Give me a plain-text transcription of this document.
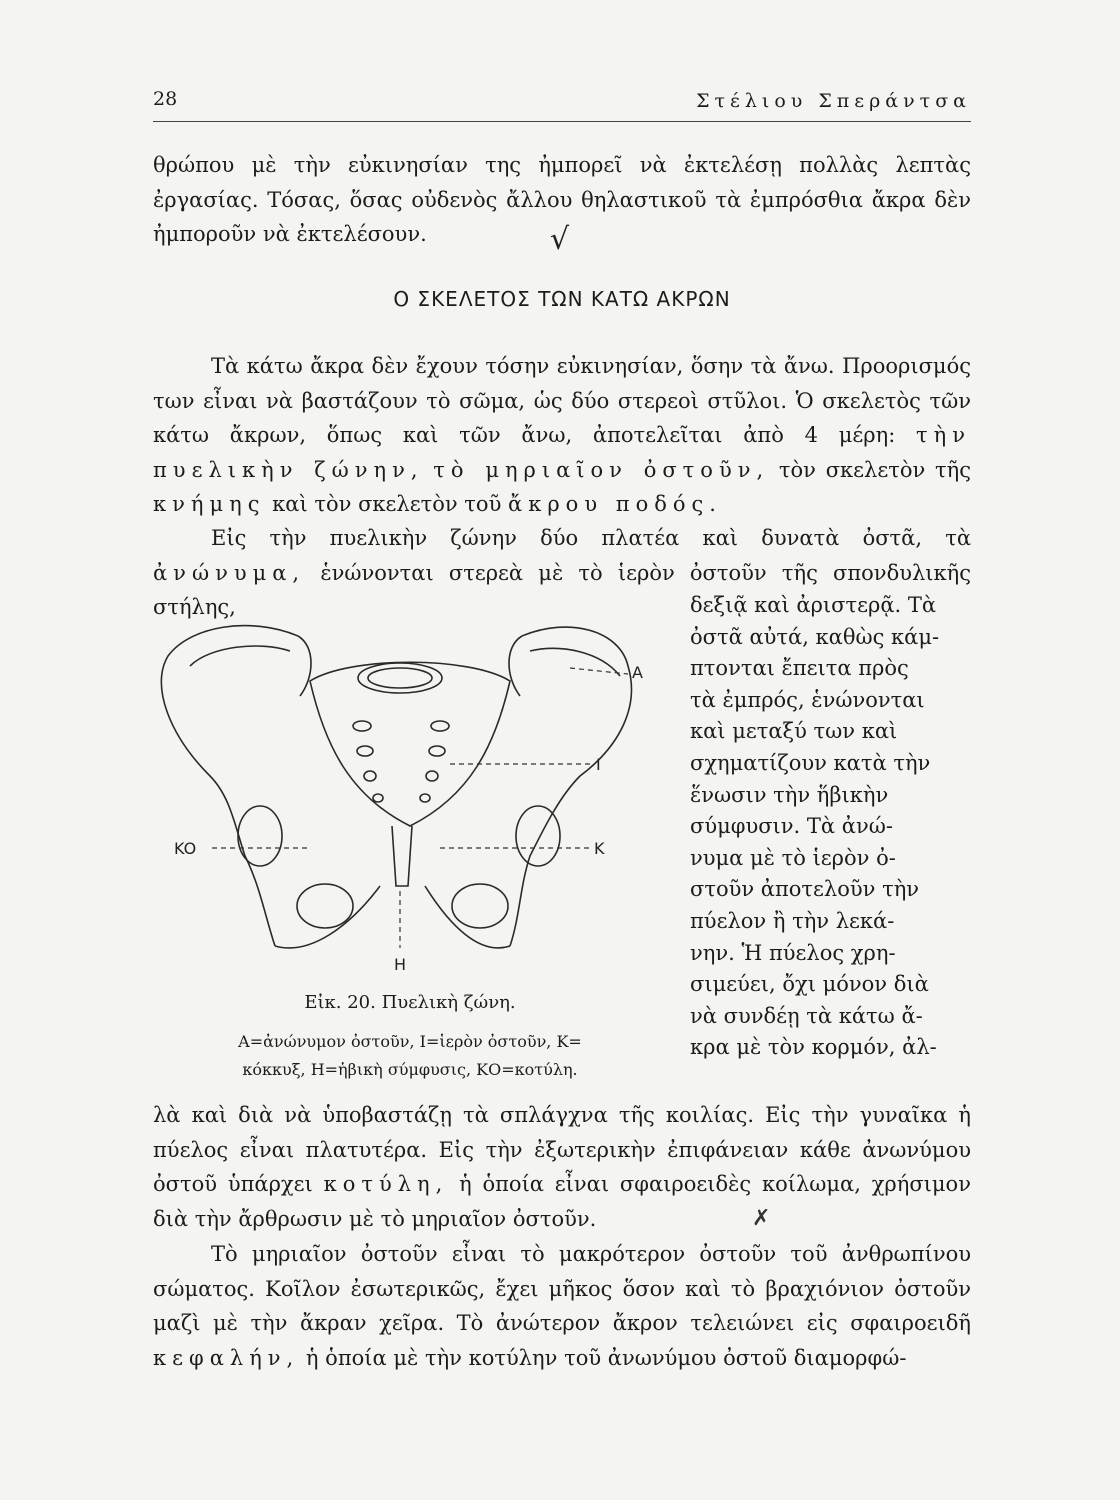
28	Στέλιου Σπεράντσα
θρώπου μὲ τὴν εὐκινησίαν της ἠμπορεῖ νὰ ἐκτελέσῃ πολλὰς λεπτὰς ἐργασίας. Τόσας, ὅσας οὐδενὸς ἄλλου θηλαστικοῦ τὰ ἐμπρόσθια ἄκρα δὲν ἠμποροῦν νὰ ἐκτελέσουν.	√
Ο ΣΚΕΛΕΤΟΣ ΤΩΝ ΚΑΤΩ ΑΚΡΩΝ
Τὰ κάτω ἄκρα δὲν ἔχουν τόσην εὐκινησίαν, ὅσην τὰ ἄνω. Προορισμός των εἶναι νὰ βαστάζουν τὸ σῶμα, ὡς δύο στερεοὶ στῦλοι. Ὁ σκελετὸς τῶν κάτω ἄκρων, ὅπως καὶ τῶν ἄνω, ἀποτελεῖται ἀπὸ 4 μέρη: τὴν πυελικὴν ζώνην, τὸ μηριαῖον ὀστοῦν, τὸν σκελετὸν τῆς κνήμης καὶ τὸν σκελετὸν τοῦ ἄκρου ποδός.
Εἰς τὴν πυελικὴν ζώνην δύο πλατέα καὶ δυνατὰ ὀστᾶ, τὰ ἀνώνυμα, ἑνώνονται στερεὰ μὲ τὸ ἱερὸν ὀστοῦν τῆς σπονδυλικῆς στήλης,
A
I
K
KO
H
Εἰκ. 20. Πυελικὴ ζώνη.
Α=ἀνώνυμον ὀστοῦν, Ι=ἱερὸν ὀστοῦν, Κ=
κόκκυξ, Η=ἡβικὴ σύμφυσις, ΚΟ=κοτύλη.
δεξιᾷ καὶ ἀριστερᾷ. Τὰ
ὀστᾶ αὐτά, καθὼς κάμ-
πτονται ἔπειτα πρὸς
τὰ ἐμπρός, ἑνώνονται
καὶ μεταξύ των καὶ
σχηματίζουν κατὰ τὴν
ἕνωσιν τὴν ἥβικὴν
σύμφυσιν. Τὰ ἀνώ-
νυμα μὲ τὸ ἱερὸν ὀ-
στοῦν ἀποτελοῦν τὴν
πύελον ἢ τὴν λεκά-
νην. Ἡ πύελος χρη-
σιμεύει, ὄχι μόνον διὰ
νὰ συνδέῃ τὰ κάτω ἄ-
κρα μὲ τὸν κορμόν, ἀλ-
λὰ καὶ διὰ νὰ ὑποβαστάζῃ τὰ σπλάγχνα τῆς κοιλίας. Εἰς τὴν γυναῖκα ἡ πύελος εἶναι πλατυτέρα. Εἰς τὴν ἐξωτερικὴν ἐπιφάνειαν κάθε ἀνωνύμου ὀστοῦ ὑπάρχει κοτύλη, ἡ ὁποία εἶναι σφαιροειδὲς κοίλωμα, χρήσιμον διὰ τὴν ἄρθρωσιν μὲ τὸ μηριαῖον ὀστοῦν.	✗
Τὸ μηριαῖον ὀστοῦν εἶναι τὸ μακρότερον ὀστοῦν τοῦ ἀνθρωπίνου σώματος. Κοῖλον ἐσωτερικῶς, ἔχει μῆκος ὅσον καὶ τὸ βραχιόνιον ὀστοῦν μαζὶ μὲ τὴν ἄκραν χεῖρα. Τὸ ἀνώτερον ἄκρον τελειώνει εἰς σφαιροειδῆ κεφαλήν, ἡ ὁποία μὲ τὴν κοτύλην τοῦ ἀνωνύμου ὀστοῦ διαμορφώ-
